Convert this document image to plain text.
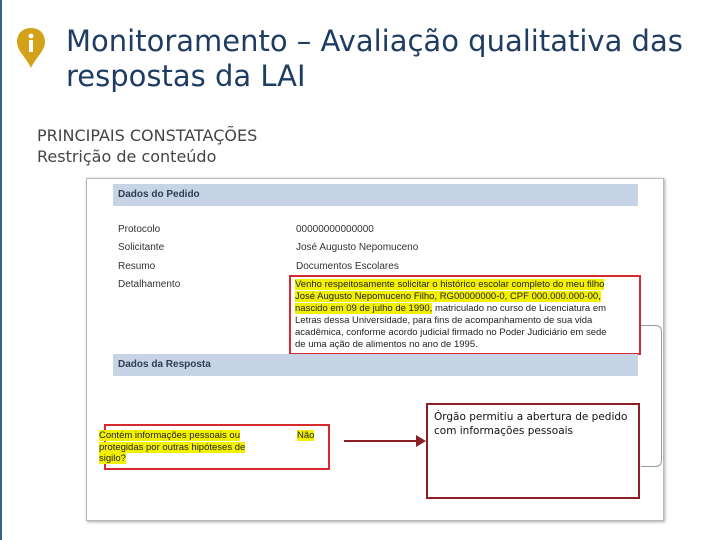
Monitoramento – Avaliação qualitativa das respostas da LAI
PRINCIPAIS CONSTATAÇÕES
Restrição de conteúdo
Dados do Pedido
Protocolo	00000000000000
Solicitante	José Augusto Nepomuceno
Resumo	Documentos Escolares
Detalhamento	Venho respeitosamente solicitar o histórico escolar completo do meu filho
José Augusto Nepomuceno Filho, RG00000000-0, CPF 000.000.000-00,
nascido em 09 de julho de 1990, matriculado no curso de Licenciatura em
Letras dessa Universidade, para fins de acompanhamento de sua vida
acadêmica, conforme acordo judicial firmado no Poder Judiciário em sede
de uma ação de alimentos no ano de 1995.
Dados da Resposta
Contém informações pessoais ou protegidas por outras hipóteses de sigilo?
Não
Órgão permitiu a abertura de pedido com informações pessoais
